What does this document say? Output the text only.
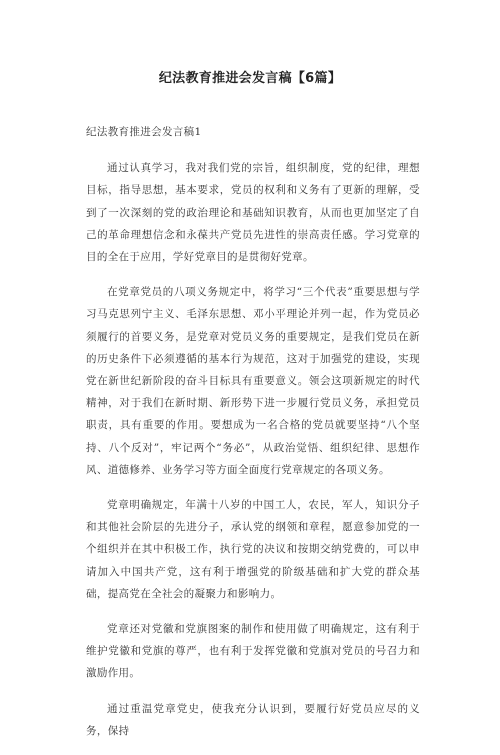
纪法教育推进会发言稿【6篇】
纪法教育推进会发言稿1

通过认真学习，我对我们党的宗旨，组织制度，党的纪律，理想目标，指导思想，基本要求，党员的权利和义务有了更新的理解，受到了一次深刻的党的政治理论和基础知识教育，从而也更加坚定了自己的革命理想信念和永葆共产党员先进性的崇高责任感。学习党章的目的全在于应用，学好党章目的是贯彻好党章。

在党章党员的八项义务规定中，将学习“三个代表”重要思想与学习马克思列宁主义、毛泽东思想、邓小平理论并列一起，作为党员必须履行的首要义务，是党章对党员义务的重要规定，是我们党员在新的历史条件下必须遵循的基本行为规范，这对于加强党的建设，实现党在新世纪新阶段的奋斗目标具有重要意义。领会这项新规定的时代精神，对于我们在新时期、新形势下进一步履行党员义务，承担党员职责，具有重要的作用。要想成为一名合格的党员就要坚持“八个坚持、八个反对”，牢记两个“务必”，从政治觉悟、组织纪律、思想作风、道德修养、业务学习等方面全面度行党章规定的各项义务。

党章明确规定，年满十八岁的中国工人，农民，军人，知识分子和其他社会阶层的先进分子，承认党的纲领和章程，愿意参加党的一个组织并在其中积极工作，执行党的决议和按期交纳党费的，可以申请加入中国共产党，这有利于增强党的阶级基础和扩大党的群众基础，提高党在全社会的凝聚力和影响力。

党章还对党徽和党旗图案的制作和使用做了明确规定，这有利于维护党徽和党旗的尊严，也有利于发挥党徽和党旗对党员的号召力和激励作用。

通过重温党章党史，使我充分认识到，要履行好党员应尽的义务，保持
